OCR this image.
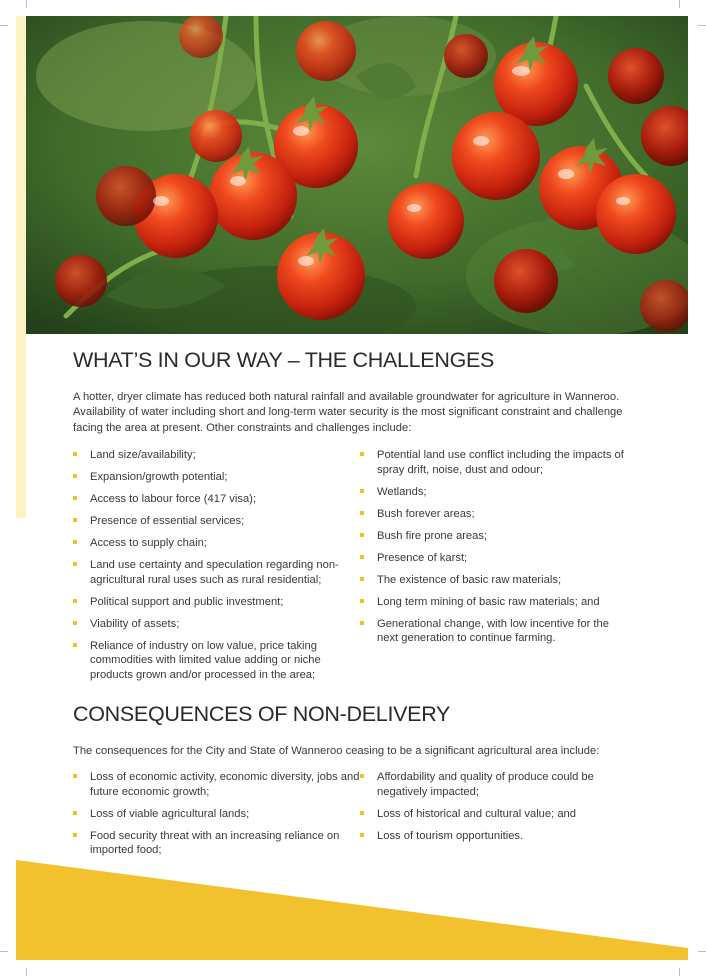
WHAT’S IN OUR WAY – THE CHALLENGES

A hotter, dryer climate has reduced both natural rainfall and available groundwater for agriculture in Wanneroo. Availability of water including short and long-term water security is the most significant constraint and challenge facing the area at present. Other constraints and challenges include:

Land size/availability;
Expansion/growth potential;
Access to labour force (417 visa);
Presence of essential services;
Access to supply chain;
Land use certainty and speculation regarding non-agricultural rural uses such as rural residential;
Political support and public investment;
Viability of assets;
Reliance of industry on low value, price taking commodities with limited value adding or niche products grown and/or processed in the area;
Potential land use conflict including the impacts of spray drift, noise, dust and odour;
Wetlands;
Bush forever areas;
Bush fire prone areas;
Presence of karst;
The existence of basic raw materials;
Long term mining of basic raw materials; and
Generational change, with low incentive for the next generation to continue farming.
CONSEQUENCES OF NON-DELIVERY

The consequences for the City and State of Wanneroo ceasing to be a significant agricultural area include:

Loss of economic activity, economic diversity, jobs and future economic growth;
Loss of viable agricultural lands;
Food security threat with an increasing reliance on imported food;
Affordability and quality of produce could be negatively impacted;
Loss of historical and cultural value; and
Loss of tourism opportunities.
